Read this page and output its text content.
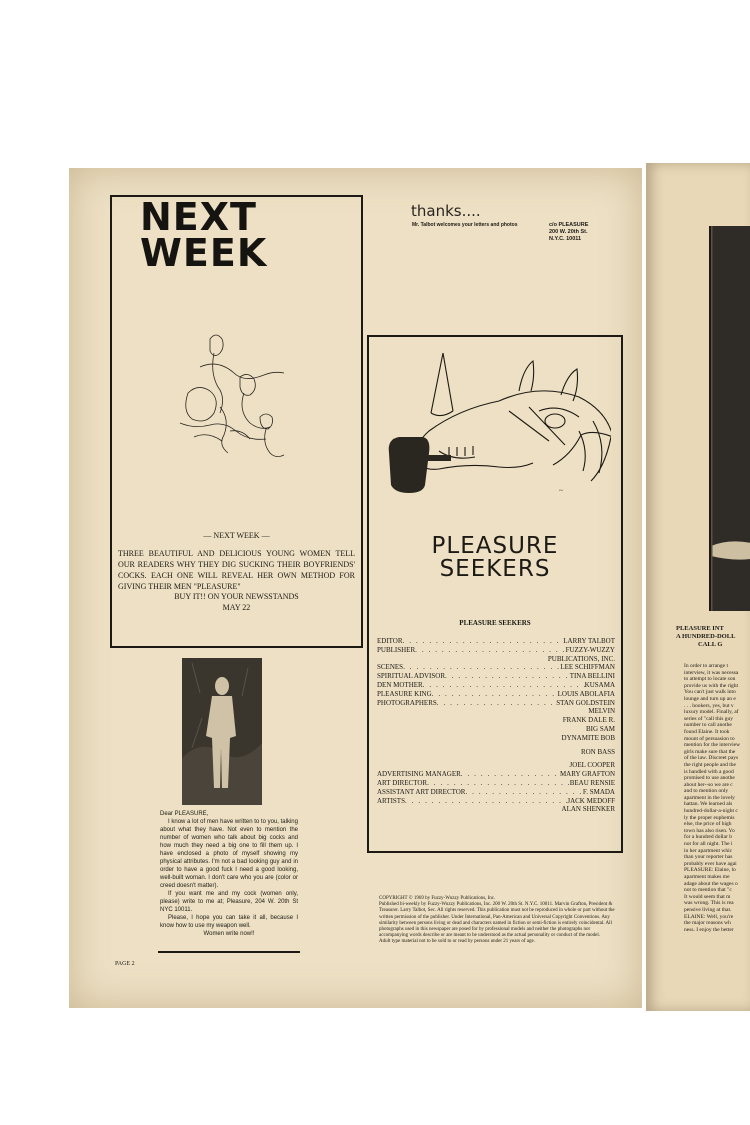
NEXT
WEEK
— NEXT WEEK —
THREE BEAUTIFUL AND DELICIOUS YOUNG WOMEN TELL OUR READERS WHY THEY DIG SUCKING THEIR BOYFRIENDS' COCKS. EACH ONE WILL REVEAL HER OWN METHOD FOR GIVING THEIR MEN "PLEASURE"
BUY IT!! ON YOUR NEWSSTANDS
MAY 22

Dear PLEASURE,

I know a lot of men have written to to you, talking about what they have. Not even to mention the number of women who talk about big cocks and how much they need a big one to fill them up. I have enclosed a photo of myself showing my physical attributes. I'm not a bad looking guy and in order to have a good fuck I need a good looking, well-built woman. I don't care who you are (color or creed doesn't matter).

If you want me and my cock (women only, please) write to me at; Pleasure, 204 W. 20th St NYC 10011.

Please, I hope you can take it all, because I know how to use my weapon well.

Women write now!!

PAGE 2
thanks....
Mr. Talbot welcomes your letters and photos	c/o PLEASURE
200 W. 20th St.
N.Y.C. 10011
~
PLEASURE
SEEKERS
PLEASURE SEEKERS
EDITOR . . .	LARRY TALBOT
PUBLISHER . . .	FUZZY-WUZZY
PUBLICATIONS, INC.
SCENES . . .	LEE SCHIFFMAN
SPIRITUAL ADVISOR . . .	TINA BELLINI
DEN MOTHER . . .	KUSAMA
PLEASURE KING . . .	LOUIS ABOLAFIA
PHOTOGRAPHERS . . .	STAN GOLDSTEIN
MELVIN
FRANK DALE R.
BIG SAM
DYNAMITE BOB
RON BASS
JOEL COOPER
ADVERTISING MANAGER . . .	MARY GRAFTON
ART DIRECTOR . . .	BEAU RENSIE
ASSISTANT ART DIRECTOR . . .	F. SMADA
ARTISTS . . .	JACK MEDOFF
ALAN SHENKER
COPYRIGHT © 1969 by Fuzzy-Wuzzy Publications, Inc.
Published bi-weekly by Fuzzy-Wuzzy Publications, Inc. 200 W. 20th St. N.Y.C. 10011. Marvin Grafton, President & Treasurer. Larry Talbot, Sec. All rights reserved. This publication must not be reproduced in whole or part without the written permission of the publisher. Under International, Pan-American and Universal Copyright Conventions. Any similarity between persons living or dead and characters named in fiction or semi-fiction is entirely coincidental. All photographs used in this newspaper are posed for by professional models and neither the photographs nor accompanying words describe or are meant to be understood as the actual personality or conduct of the model.
Adult type material not to be sold to or read by persons under 21 years of age.
PLEASURE INT
A HUNDRED-DOLL
CALL G
In order to arrange t
interview, it was necessa
to attempt to locate son
provide us with the right
You can't just walk into
lounge and turn up an e
. . . hookers, yes, but v
luxury model. Finally, af
series of "call this guy
number to call anothe
found Elaine. It took
mount of persuasion to
mention for the interview
girls make sure that the
of the law. Discreet pays
the right people and the
is handled with a good
promised to use anothe
about her--so we are c
and to mention only
apartment in the lovely
hattan. We learned als
hundred-dollar-a-night c
ly the proper euphemis
else, the price of high
town has also risen. Yo
for a hundred dollar b
not for all night. The i
in her apartment whic
than your reporter has
probably ever have agai
PLEASURE: Elaine, lo
apartment makes me
adage about the wages o
not to mention that "c
It would seem that m
was wrong. This is rea
pensive living at that.
ELAINE: Well, you're
the major reasons wh
ness. I enjoy the better
